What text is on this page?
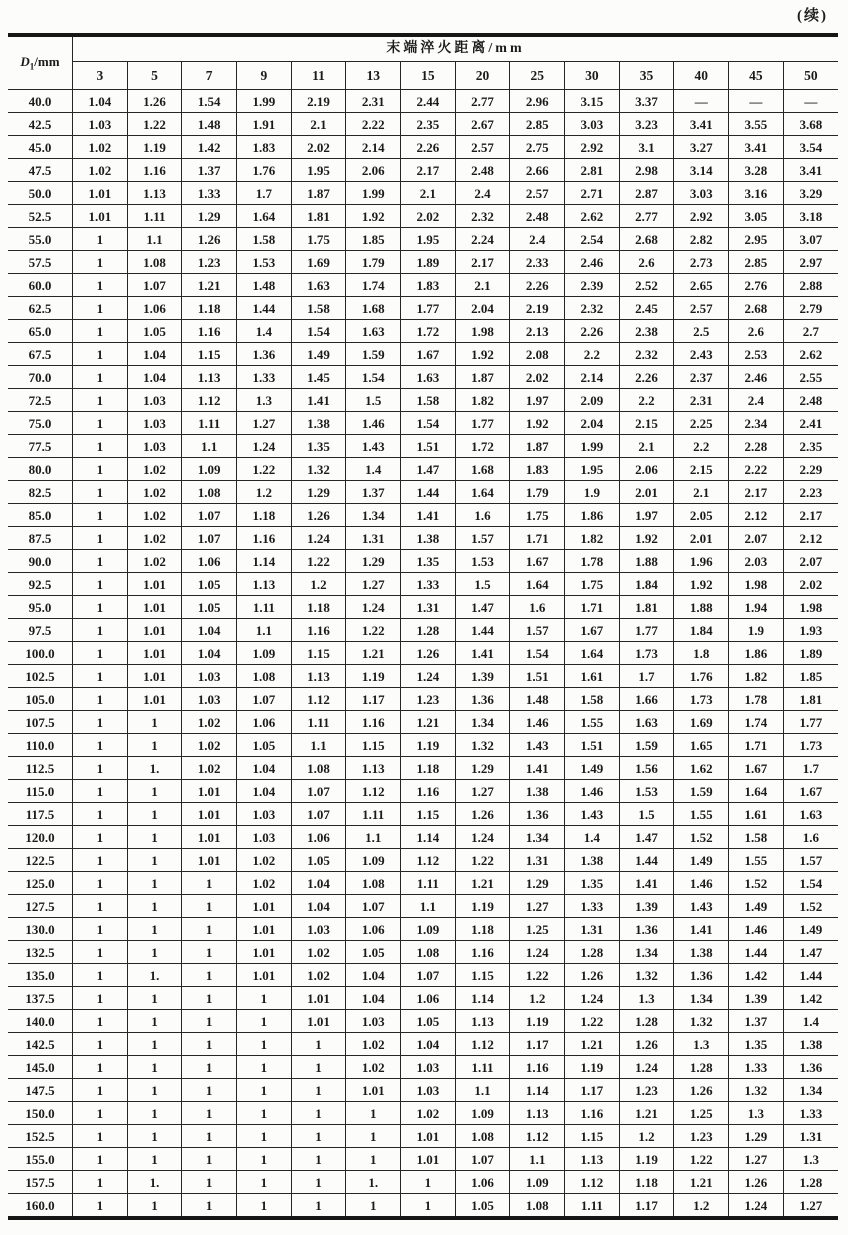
(续)
$D_1/mm$	末端淬火距离/mm													
	3	5	7	9	11	13	15	20	25	30	35	40	45	50
40.0	1.04	1.26	1.54	1.99	2.19	2.31	2.44	2.77	2.96	3.15	3.37	—	—	—
42.5	1.03	1.22	1.48	1.91	2.1	2.22	2.35	2.67	2.85	3.03	3.23	3.41	3.55	3.68
45.0	1.02	1.19	1.42	1.83	2.02	2.14	2.26	2.57	2.75	2.92	3.1	3.27	3.41	3.54
47.5	1.02	1.16	1.37	1.76	1.95	2.06	2.17	2.48	2.66	2.81	2.98	3.14	3.28	3.41
50.0	1.01	1.13	1.33	1.7	1.87	1.99	2.1	2.4	2.57	2.71	2.87	3.03	3.16	3.29
52.5	1.01	1.11	1.29	1.64	1.81	1.92	2.02	2.32	2.48	2.62	2.77	2.92	3.05	3.18
55.0	1	1.1	1.26	1.58	1.75	1.85	1.95	2.24	2.4	2.54	2.68	2.82	2.95	3.07
57.5	1	1.08	1.23	1.53	1.69	1.79	1.89	2.17	2.33	2.46	2.6	2.73	2.85	2.97
60.0	1	1.07	1.21	1.48	1.63	1.74	1.83	2.1	2.26	2.39	2.52	2.65	2.76	2.88
62.5	1	1.06	1.18	1.44	1.58	1.68	1.77	2.04	2.19	2.32	2.45	2.57	2.68	2.79
65.0	1	1.05	1.16	1.4	1.54	1.63	1.72	1.98	2.13	2.26	2.38	2.5	2.6	2.7
67.5	1	1.04	1.15	1.36	1.49	1.59	1.67	1.92	2.08	2.2	2.32	2.43	2.53	2.62
70.0	1	1.04	1.13	1.33	1.45	1.54	1.63	1.87	2.02	2.14	2.26	2.37	2.46	2.55
72.5	1	1.03	1.12	1.3	1.41	1.5	1.58	1.82	1.97	2.09	2.2	2.31	2.4	2.48
75.0	1	1.03	1.11	1.27	1.38	1.46	1.54	1.77	1.92	2.04	2.15	2.25	2.34	2.41
77.5	1	1.03	1.1	1.24	1.35	1.43	1.51	1.72	1.87	1.99	2.1	2.2	2.28	2.35
80.0	1	1.02	1.09	1.22	1.32	1.4	1.47	1.68	1.83	1.95	2.06	2.15	2.22	2.29
82.5	1	1.02	1.08	1.2	1.29	1.37	1.44	1.64	1.79	1.9	2.01	2.1	2.17	2.23
85.0	1	1.02	1.07	1.18	1.26	1.34	1.41	1.6	1.75	1.86	1.97	2.05	2.12	2.17
87.5	1	1.02	1.07	1.16	1.24	1.31	1.38	1.57	1.71	1.82	1.92	2.01	2.07	2.12
90.0	1	1.02	1.06	1.14	1.22	1.29	1.35	1.53	1.67	1.78	1.88	1.96	2.03	2.07
92.5	1	1.01	1.05	1.13	1.2	1.27	1.33	1.5	1.64	1.75	1.84	1.92	1.98	2.02
95.0	1	1.01	1.05	1.11	1.18	1.24	1.31	1.47	1.6	1.71	1.81	1.88	1.94	1.98
97.5	1	1.01	1.04	1.1	1.16	1.22	1.28	1.44	1.57	1.67	1.77	1.84	1.9	1.93
100.0	1	1.01	1.04	1.09	1.15	1.21	1.26	1.41	1.54	1.64	1.73	1.8	1.86	1.89
102.5	1	1.01	1.03	1.08	1.13	1.19	1.24	1.39	1.51	1.61	1.7	1.76	1.82	1.85
105.0	1	1.01	1.03	1.07	1.12	1.17	1.23	1.36	1.48	1.58	1.66	1.73	1.78	1.81
107.5	1	1	1.02	1.06	1.11	1.16	1.21	1.34	1.46	1.55	1.63	1.69	1.74	1.77
110.0	1	1	1.02	1.05	1.1	1.15	1.19	1.32	1.43	1.51	1.59	1.65	1.71	1.73
112.5	1	1.	1.02	1.04	1.08	1.13	1.18	1.29	1.41	1.49	1.56	1.62	1.67	1.7
115.0	1	1	1.01	1.04	1.07	1.12	1.16	1.27	1.38	1.46	1.53	1.59	1.64	1.67
117.5	1	1	1.01	1.03	1.07	1.11	1.15	1.26	1.36	1.43	1.5	1.55	1.61	1.63
120.0	1	1	1.01	1.03	1.06	1.1	1.14	1.24	1.34	1.4	1.47	1.52	1.58	1.6
122.5	1	1	1.01	1.02	1.05	1.09	1.12	1.22	1.31	1.38	1.44	1.49	1.55	1.57
125.0	1	1	1	1.02	1.04	1.08	1.11	1.21	1.29	1.35	1.41	1.46	1.52	1.54
127.5	1	1	1	1.01	1.04	1.07	1.1	1.19	1.27	1.33	1.39	1.43	1.49	1.52
130.0	1	1	1	1.01	1.03	1.06	1.09	1.18	1.25	1.31	1.36	1.41	1.46	1.49
132.5	1	1	1	1.01	1.02	1.05	1.08	1.16	1.24	1.28	1.34	1.38	1.44	1.47
135.0	1	1.	1	1.01	1.02	1.04	1.07	1.15	1.22	1.26	1.32	1.36	1.42	1.44
137.5	1	1	1	1	1.01	1.04	1.06	1.14	1.2	1.24	1.3	1.34	1.39	1.42
140.0	1	1	1	1	1.01	1.03	1.05	1.13	1.19	1.22	1.28	1.32	1.37	1.4
142.5	1	1	1	1	1	1.02	1.04	1.12	1.17	1.21	1.26	1.3	1.35	1.38
145.0	1	1	1	1	1	1.02	1.03	1.11	1.16	1.19	1.24	1.28	1.33	1.36
147.5	1	1	1	1	1	1.01	1.03	1.1	1.14	1.17	1.23	1.26	1.32	1.34
150.0	1	1	1	1	1	1	1.02	1.09	1.13	1.16	1.21	1.25	1.3	1.33
152.5	1	1	1	1	1	1	1.01	1.08	1.12	1.15	1.2	1.23	1.29	1.31
155.0	1	1	1	1	1	1	1.01	1.07	1.1	1.13	1.19	1.22	1.27	1.3
157.5	1	1.	1	1	1	1.	1	1.06	1.09	1.12	1.18	1.21	1.26	1.28
160.0	1	1	1	1	1	1	1	1.05	1.08	1.11	1.17	1.2	1.24	1.27
